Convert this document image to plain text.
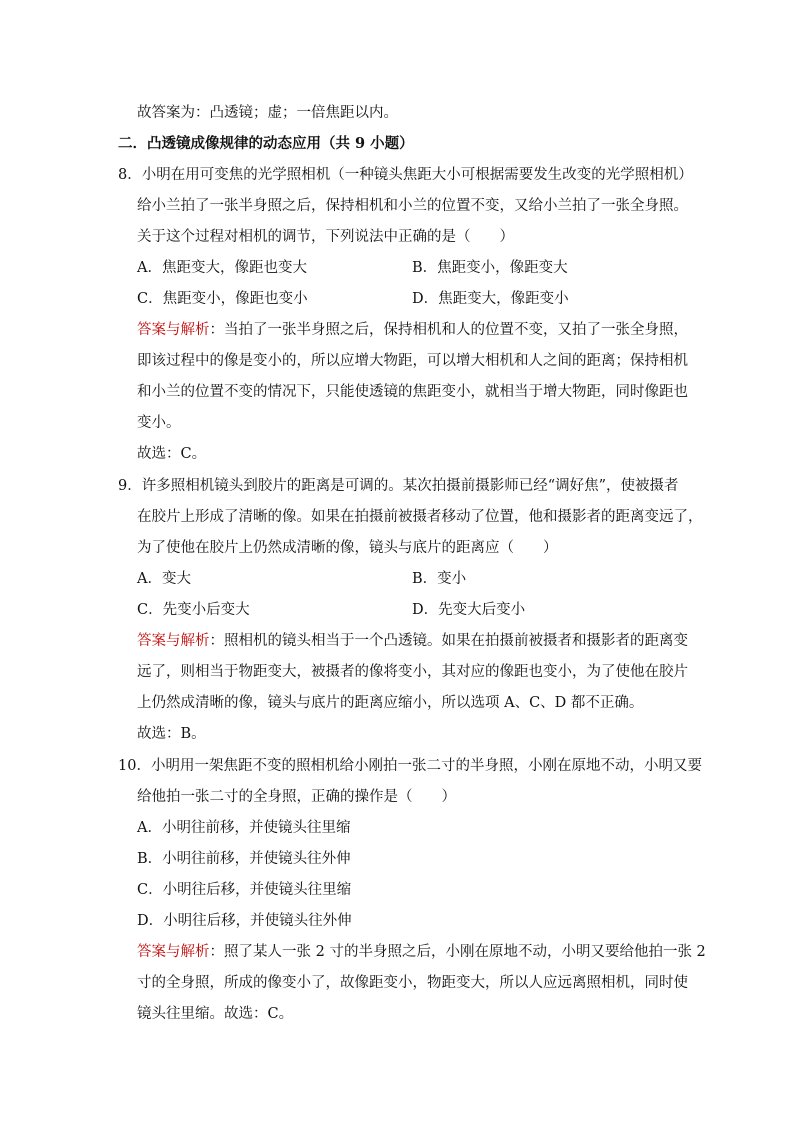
故答案为：凸透镜；虚；一倍焦距以内。
二．凸透镜成像规律的动态应用（共 9 小题）
8．小明在用可变焦的光学照相机（一种镜头焦距大小可根据需要发生改变的光学照相机）
给小兰拍了一张半身照之后，保持相机和小兰的位置不变，又给小兰拍了一张全身照。
关于这个过程对相机的调节，下列说法中正确的是（　　）
A．焦距变大，像距也变大	B．焦距变小，像距变大
C．焦距变小，像距也变小	D．焦距变大，像距变小
答案与解析：当拍了一张半身照之后，保持相机和人的位置不变，又拍了一张全身照，
即该过程中的像是变小的，所以应增大物距，可以增大相机和人之间的距离；保持相机
和小兰的位置不变的情况下，只能使透镜的焦距变小，就相当于增大物距，同时像距也
变小。
故选：C。
9．许多照相机镜头到胶片的距离是可调的。某次拍摄前摄影师已经“调好焦”，使被摄者
在胶片上形成了清晰的像。如果在拍摄前被摄者移动了位置，他和摄影者的距离变远了，
为了使他在胶片上仍然成清晰的像，镜头与底片的距离应（　　）
A．变大	B．变小
C．先变小后变大	D．先变大后变小
答案与解析：照相机的镜头相当于一个凸透镜。如果在拍摄前被摄者和摄影者的距离变
远了，则相当于物距变大，被摄者的像将变小，其对应的像距也变小，为了使他在胶片
上仍然成清晰的像，镜头与底片的距离应缩小，所以选项 A、C、D 都不正确。
故选：B。
10．小明用一架焦距不变的照相机给小刚拍一张二寸的半身照，小刚在原地不动，小明又要
给他拍一张二寸的全身照，正确的操作是（　　）
A．小明往前移，并使镜头往里缩
B．小明往前移，并使镜头往外伸
C．小明往后移，并使镜头往里缩
D．小明往后移，并使镜头往外伸
答案与解析：照了某人一张 2 寸的半身照之后，小刚在原地不动，小明又要给他拍一张 2
寸的全身照，所成的像变小了，故像距变小，物距变大，所以人应远离照相机，同时使
镜头往里缩。故选：C。
